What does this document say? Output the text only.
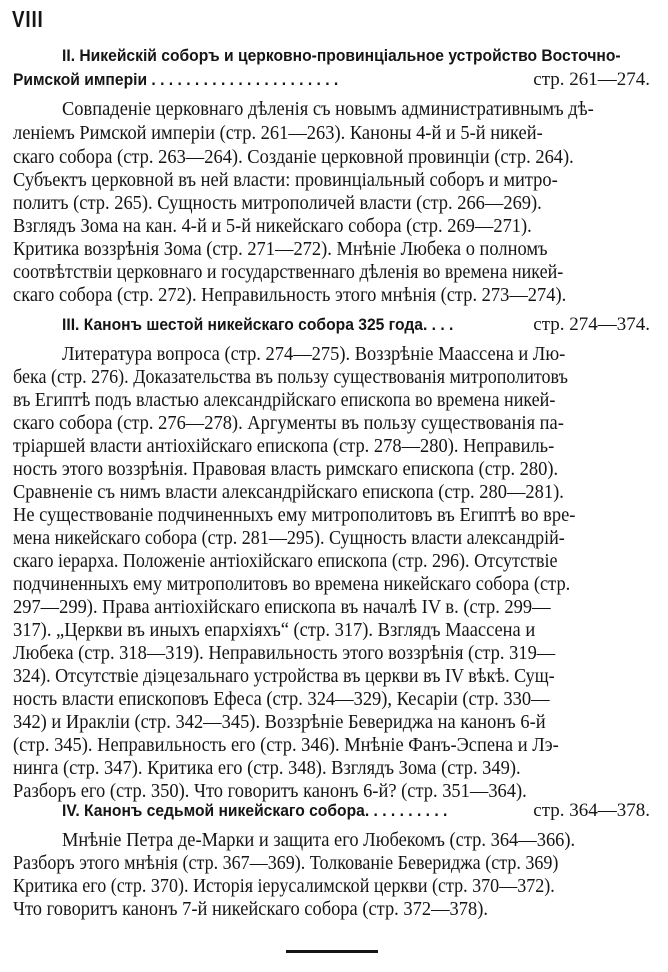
VIII
II. Никейскiй соборъ и церковно-провинцiальное устройство Восточно-
Римской имперiи . . . . . . . . . . . . . . . . . . . . . .	стр. 261—274.
Совпаденiе церковнаго дѣленiя съ новымъ административнымъ дѣ-
ленiемъ Римской имперiи (стр. 261—263). Каноны 4-й и 5-й никей-
скаго собора (стр. 263—264). Созданiе церковной провинцiи (стр. 264).
Субъектъ церковной въ ней власти: провинцiальный соборъ и митро-
политъ (стр. 265). Сущность митрополичей власти (стр. 266—269).
Взглядъ Зома на кан. 4-й и 5-й никейскаго собора (стр. 269—271).
Критика воззрѣнiя Зома (стр. 271—272). Мнѣнiе Любека о полномъ
соотвѣтствiи церковнаго и государственнаго дѣленiя во времена никей-
скаго собора (стр. 272). Неправильность этого мнѣнiя (стр. 273—274).
III. Канонъ шестой никейскаго собора 325 года. . . .	стр. 274—374.
Литература вопроса (стр. 274—275). Воззрѣнiе Маассена и Лю-
бека (стр. 276). Доказательства въ пользу существованiя митрополитовъ
въ Египтѣ подъ властью александрiйскаго епископа во времена никей-
скаго собора (стр. 276—278). Аргументы въ пользу существованiя па-
трiаршей власти антiохiйскаго епископа (стр. 278—280). Неправиль-
ность этого воззрѣнiя. Правовая власть римскаго епископа (стр. 280).
Сравненiе съ нимъ власти александрiйскаго епископа (стр. 280—281).
Не существованiе подчиненныхъ ему митрополитовъ въ Египтѣ во вре-
мена никейскаго собора (стр. 281—295). Сущность власти александрiй-
скаго iерарха. Положенiе антiохiйскаго епископа (стр. 296). Отсутствiе
подчиненныхъ ему митрополитовъ во времена никейскаго собора (стр.
297—299). Права антiохiйскаго епископа въ началѣ IV в. (стр. 299—
317). „Церкви въ иныхъ епархiяхъ“ (стр. 317). Взглядъ Маассена и
Любека (стр. 318—319). Неправильность этого воззрѣнiя (стр. 319—
324). Отсутствiе дiэцезальнаго устройства въ церкви въ IV вѣкѣ. Сущ-
ность власти епископовъ Ефеса (стр. 324—329), Кесарiи (стр. 330—
342) и Ираклiи (стр. 342—345). Воззрѣнiе Бевериджа на канонъ 6-й
(стр. 345). Неправильность его (стр. 346). Мнѣнiе Фанъ-Эспена и Лэ-
нинга (стр. 347). Критика его (стр. 348). Взглядъ Зома (стр. 349).
Разборъ его (стр. 350). Что говоритъ канонъ 6-й? (стр. 351—364).
IV. Канонъ седьмой никейскаго собора. . . . . . . . . .	стр. 364—378.
Мнѣнiе Петра де-Марки и защита его Любекомъ (стр. 364—366).
Разборъ этого мнѣнiя (стр. 367—369). Толкованiе Бевериджа (стр. 369)
Критика его (стр. 370). Исторiя iерусалимской церкви (стр. 370—372).
Что говоритъ канонъ 7-й никейскаго собора (стр. 372—378).
